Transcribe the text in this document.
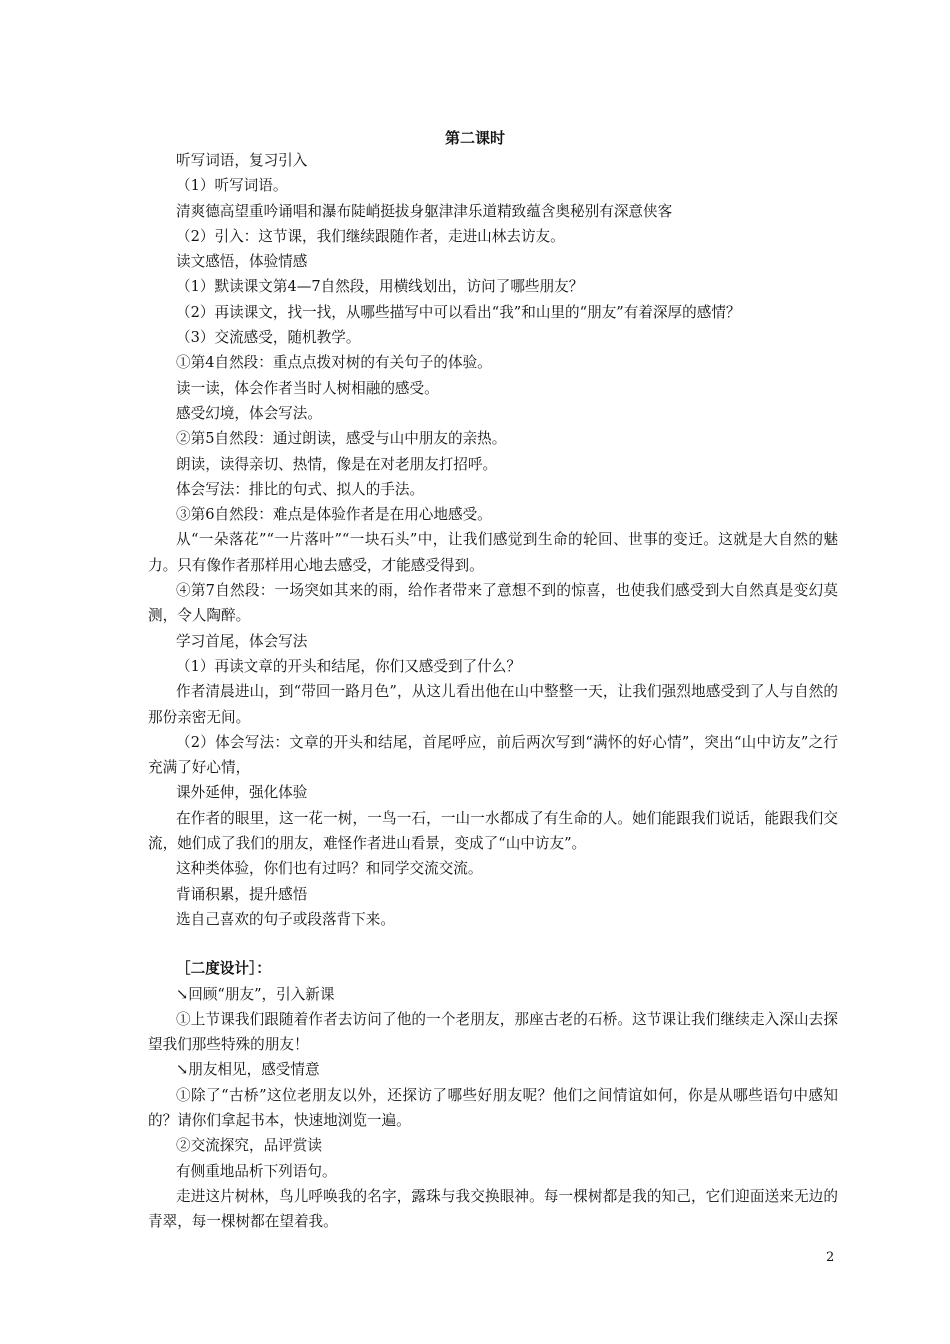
第二课时

听写词语，复习引入

（1）听写词语。

清爽德高望重吟诵唱和瀑布陡峭挺拔身躯津津乐道精致蕴含奥秘别有深意侠客

（2）引入：这节课，我们继续跟随作者，走进山林去访友。

读文感悟，体验情感

（1）默读课文第4—7自然段，用横线划出，访问了哪些朋友？

（2）再读课文，找一找，从哪些描写中可以看出“我”和山里的“朋友”有着深厚的感情？

（3）交流感受，随机教学。

①第4自然段：重点点拨对树的有关句子的体验。

读一读，体会作者当时人树相融的感受。

感受幻境，体会写法。

②第5自然段：通过朗读，感受与山中朋友的亲热。

朗读，读得亲切、热情，像是在对老朋友打招呼。

体会写法：排比的句式、拟人的手法。

③第6自然段：难点是体验作者是在用心地感受。

从“一朵落花”“一片落叶”“一块石头”中，让我们感觉到生命的轮回、世事的变迁。这就是大自然的魅力。只有像作者那样用心地去感受，才能感受得到。

④第7自然段：一场突如其来的雨，给作者带来了意想不到的惊喜，也使我们感受到大自然真是变幻莫测，令人陶醉。

学习首尾，体会写法

（1）再读文章的开头和结尾，你们又感受到了什么？

作者清晨进山，到“带回一路月色”，从这儿看出他在山中整整一天，让我们强烈地感受到了人与自然的那份亲密无间。

（2）体会写法：文章的开头和结尾，首尾呼应，前后两次写到“满怀的好心情”，突出“山中访友”之行充满了好心情，

课外延伸，强化体验

在作者的眼里，这一花一树，一鸟一石，一山一水都成了有生命的人。她们能跟我们说话，能跟我们交流，她们成了我们的朋友，难怪作者进山看景，变成了“山中访友”。

这种类体验，你们也有过吗？和同学交流交流。

背诵积累，提升感悟

选自己喜欢的句子或段落背下来。

［二度设计］：

↘回顾“朋友”，引入新课

①上节课我们跟随着作者去访问了他的一个老朋友，那座古老的石桥。这节课让我们继续走入深山去探望我们那些特殊的朋友！

↘朋友相见，感受情意

①除了“古桥”这位老朋友以外，还探访了哪些好朋友呢？他们之间情谊如何，你是从哪些语句中感知的？请你们拿起书本，快速地浏览一遍。

②交流探究，品评赏读

有侧重地品析下列语句。

走进这片树林，鸟儿呼唤我的名字，露珠与我交换眼神。每一棵树都是我的知己，它们迎面送来无边的青翠，每一棵树都在望着我。

2
